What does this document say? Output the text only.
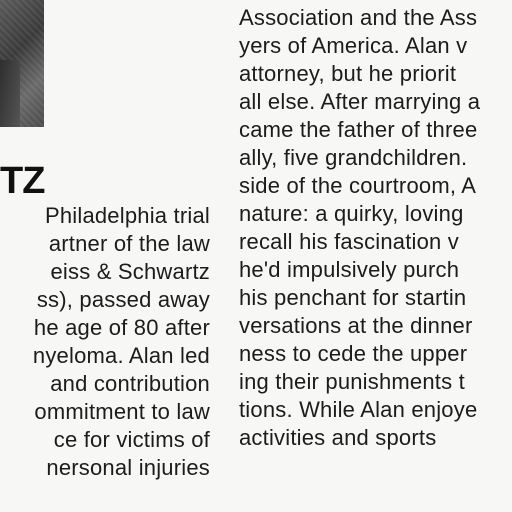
TZ
Philadelphia trial
artner of the law
eiss & Schwartz
ss), passed away
he age of 80 after
nyeloma. Alan led
and contribution
ommitment to law
ce for victims of
nersonal injuries
Association and the Ass
yers of America. Alan v
attorney, but he priorit
all else. After marrying a
came the father of three
ally, five grandchildren.
side of the courtroom, A
nature: a quirky, loving
recall his fascination v
he'd impulsively purch
his penchant for startin
versations at the dinner
ness to cede the upper
ing their punishments t
tions. While Alan enjoye
activities and sports
